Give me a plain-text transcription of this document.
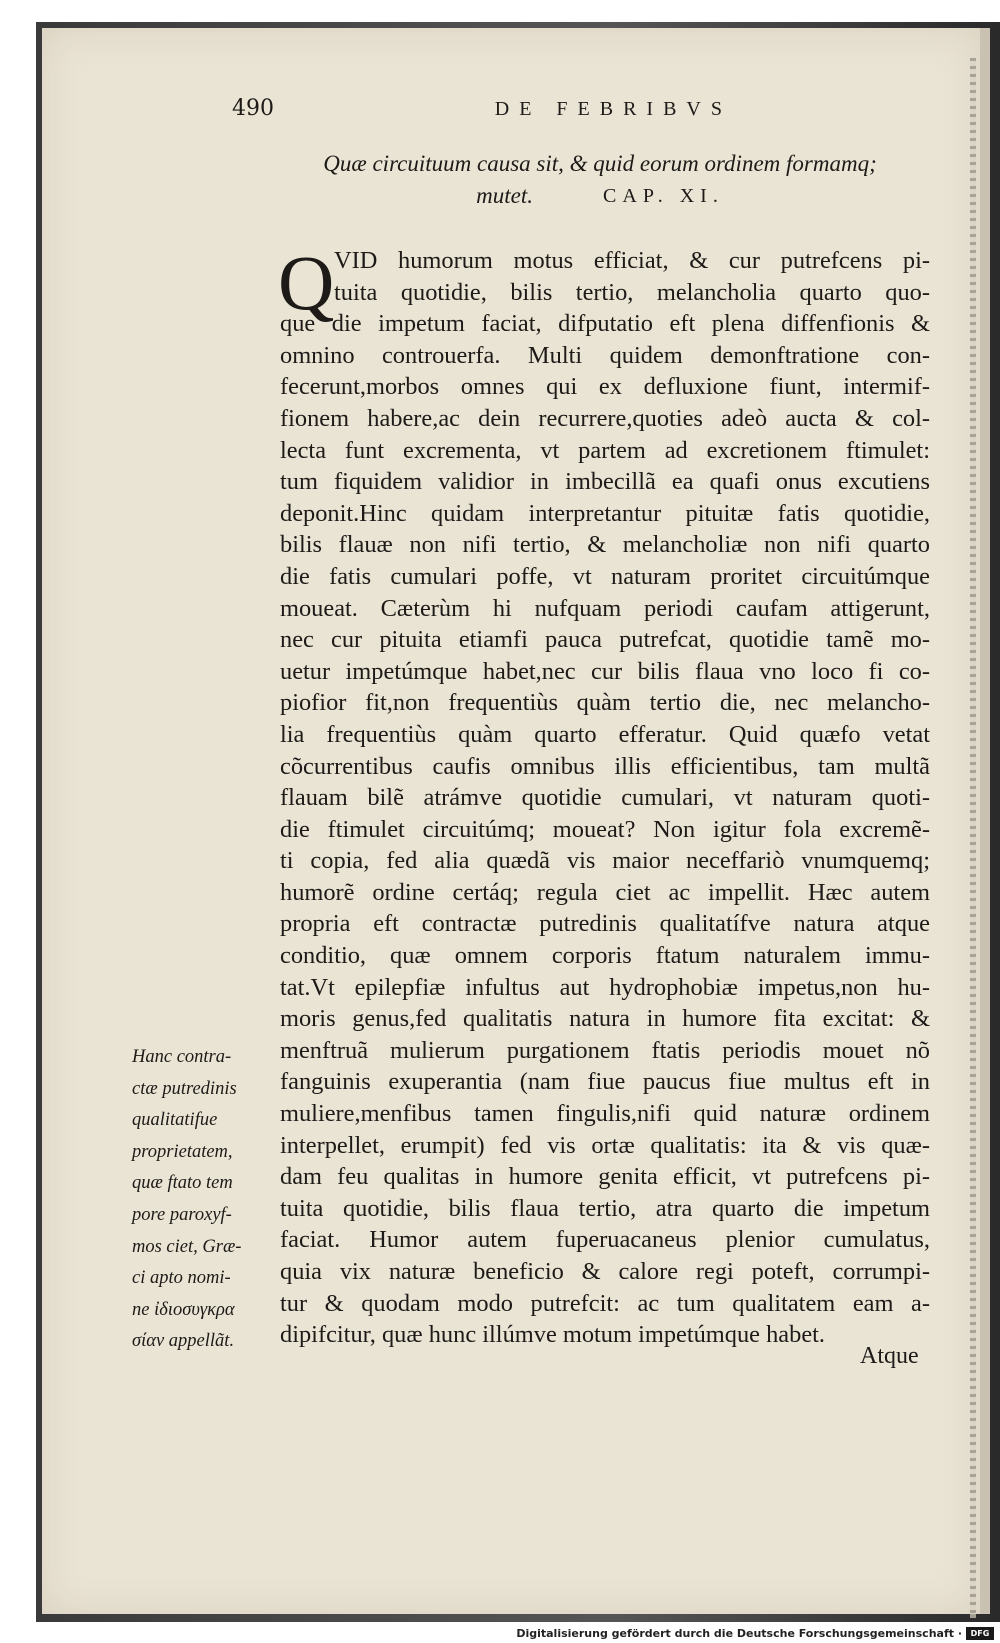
490	DE FEBRIBVS
Quæ circuituum causa sit, & quid eorum ordinem formamq;
mutet.	CAP. XI.
Q VID humorum motus efficiat, & cur putrefcens pi-
tuita quotidie, bilis tertio, melancholia quarto quo-
que die impetum faciat, difputatio eft plena diffenfionis &
omnino controuerfa. Multi quidem demonftratione con-
fecerunt,morbos omnes qui ex defluxione fiunt, intermif-
fionem habere,ac dein recurrere,quoties adeò aucta & col-
lecta funt excrementa, vt partem ad excretionem ftimulet:
tum fiquidem validior in imbecillã ea quafi onus excutiens
deponit.Hinc quidam interpretantur pituitæ fatis quotidie,
bilis flauæ non nifi tertio, & melancholiæ non nifi quarto
die fatis cumulari poffe, vt naturam proritet circuitúmque
moueat. Cæterùm hi nufquam periodi caufam attigerunt,
nec cur pituita etiamfi pauca putrefcat, quotidie tamẽ mo-
uetur impetúmque habet,nec cur bilis flaua vno loco fi co-
piofior fit,non frequentiùs quàm tertio die, nec melancho-
lia frequentiùs quàm quarto efferatur. Quid quæfo vetat
cõcurrentibus caufis omnibus illis efficientibus, tam multã
flauam bilẽ atrámve quotidie cumulari, vt naturam quoti-
die ftimulet circuitúmq; moueat? Non igitur fola excremẽ-
ti copia, fed alia quædã vis maior neceffariò vnumquemq;
humorẽ ordine certáq; regula ciet ac impellit. Hæc autem
propria eft contractæ putredinis qualitatífve natura atque
conditio, quæ omnem corporis ftatum naturalem immu-
tat.Vt epilepfiæ infultus aut hydrophobiæ impetus,non hu-
moris genus,fed qualitatis natura in humore fita excitat: &
menftruã mulierum purgationem ftatis periodis mouet nõ
fanguinis exuperantia (nam fiue paucus fiue multus eft in
muliere,menfibus tamen fingulis,nifi quid naturæ ordinem
interpellet, erumpit) fed vis ortæ qualitatis: ita & vis quæ-
dam feu qualitas in humore genita efficit, vt putrefcens pi-
tuita quotidie, bilis flaua tertio, atra quarto die impetum
faciat. Humor autem fuperuacaneus plenior cumulatus,
quia vix naturæ beneficio & calore regi poteft, corrumpi-
tur & quodam modo putrefcit: ac tum qualitatem eam a-
dipifcitur, quæ hunc illúmve motum impetúmque habet.
Hanc contra-
ctæ putredinis
qualitatifue
proprietatem,
quæ ftato tem
pore paroxyf-
mos ciet, Græ-
ci apto nomi-
ne ἰδιοσυγκρα
σίαν appellãt.
Atque
Digitalisierung gefördert durch die Deutsche Forschungsgemeinschaft ·	DFG
